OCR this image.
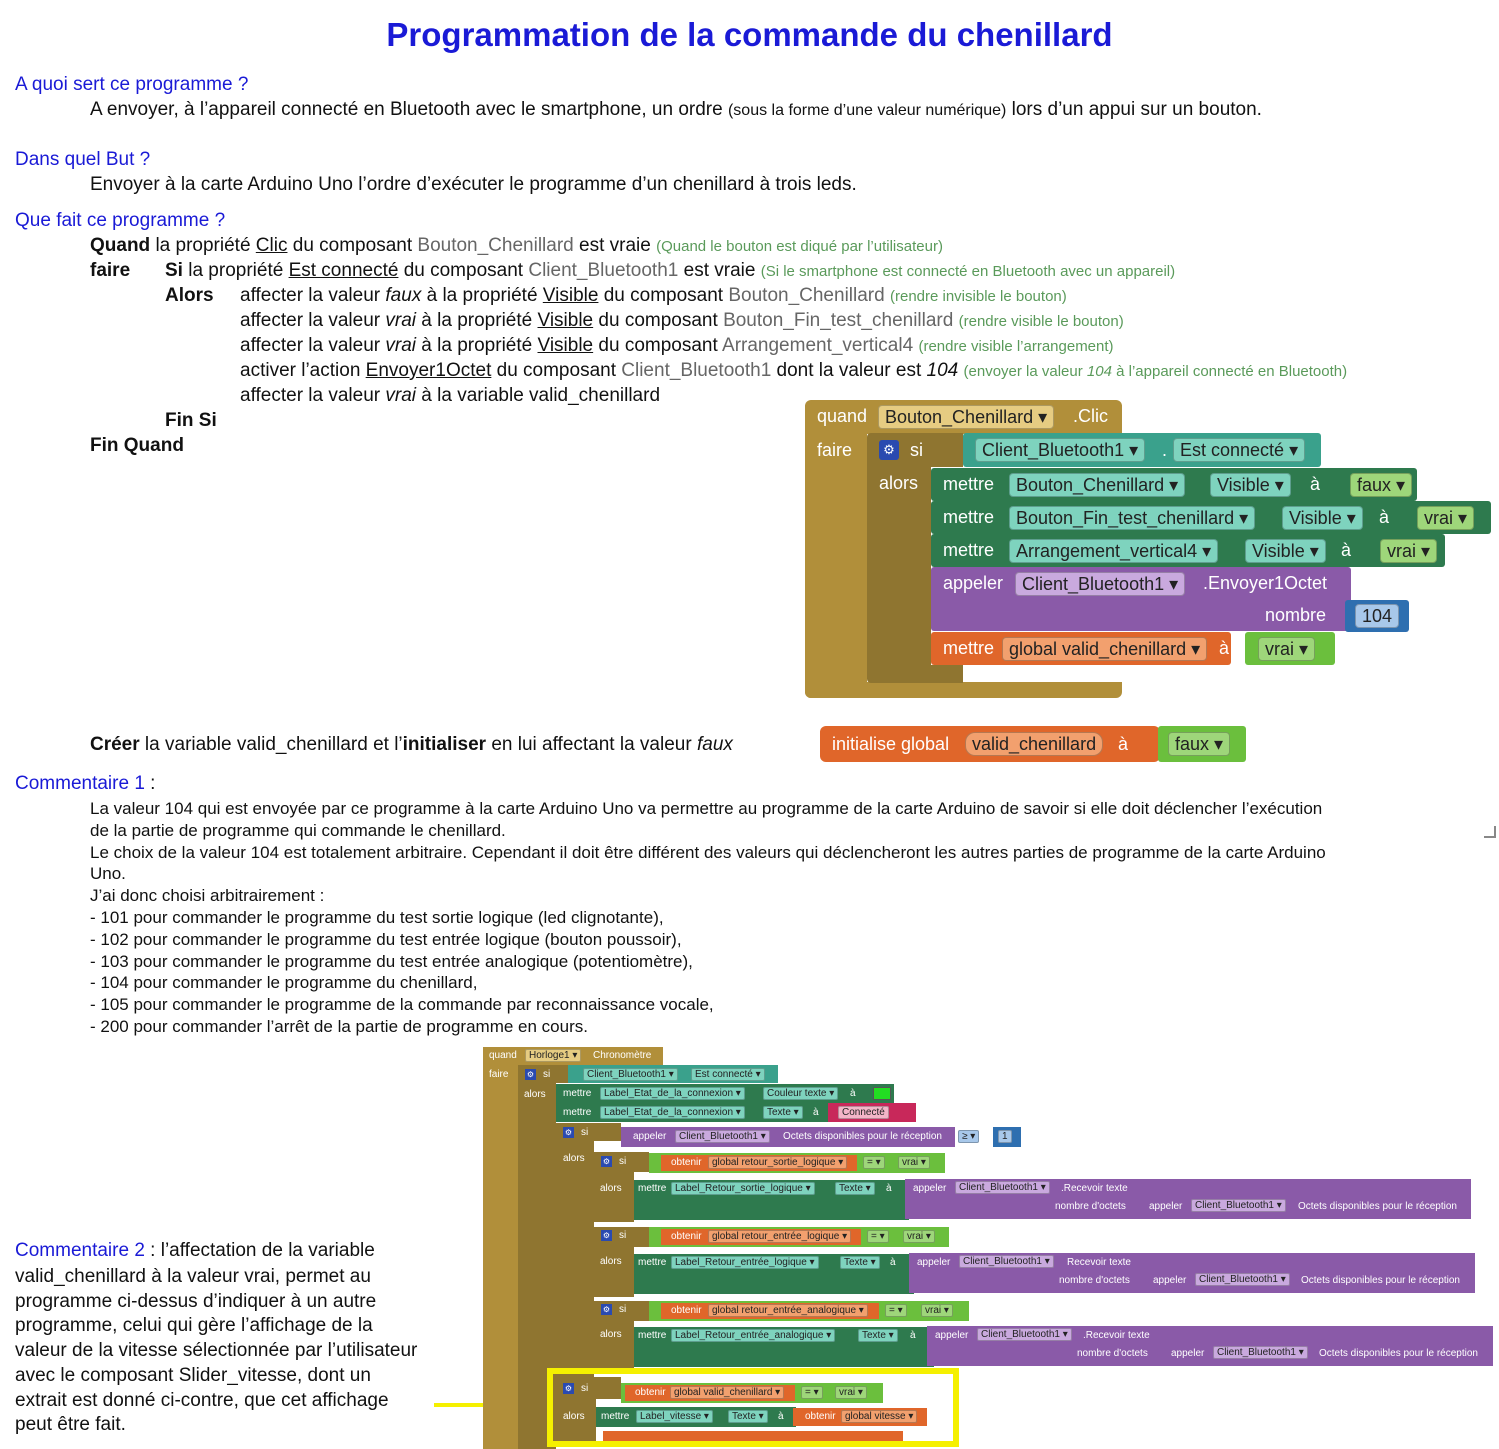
Programmation de la commande du chenillard
A quoi sert ce programme ?
A envoyer, à l’appareil connecté en Bluetooth avec le smartphone, un ordre (sous la forme d’une valeur numérique) lors d’un appui sur un bouton.
Dans quel But ?
Envoyer à la carte Arduino Uno l’ordre d’exécuter le programme d’un chenillard à trois leds.
Que fait ce programme ?
Quand la propriété Clic du composant Bouton_Chenillard est vraie (Quand le bouton est diqué par l’utilisateur)
faire Si la propriété Est connecté du composant Client_Bluetooth1 est vraie (Si le smartphone est connecté en Bluetooth avec un appareil)
Alors affecter la valeur faux à la propriété Visible du composant Bouton_Chenillard (rendre invisible le bouton)
affecter la valeur vrai à la propriété Visible du composant Bouton_Fin_test_chenillard (rendre visible le bouton)
affecter la valeur vrai à la propriété Visible du composant Arrangement_vertical4 (rendre visible l’arrangement)
activer l’action Envoyer1Octet du composant Client_Bluetooth1 dont la valeur est 104 (envoyer la valeur 104 à l’appareil connecté en Bluetooth)
affecter la valeur vrai à la variable valid_chenillard
Fin Si
Fin Quand
quand Bouton_Chenillard ▾	.Clic
faire	⚙ si
alors
Client_Bluetooth1 ▾	. Est connecté ▾
mettre Bouton_Chenillard ▾	Visible ▾	à faux ▾
mettre Bouton_Fin_test_chenillard ▾	Visible ▾	à vrai ▾
mettre Arrangement_vertical4 ▾	Visible ▾	à vrai ▾
appeler Client_Bluetooth1 ▾	.Envoyer1Octet
nombre	104
mettre global valid_chenillard ▾	à vrai ▾
Créer la variable valid_chenillard et l’initialiser en lui affectant la valeur faux	initialise global	valid_chenillard	à	faux ▾
Commentaire 1 :
La valeur 104 qui est envoyée par ce programme à la carte Arduino Uno va permettre au programme de la carte Arduino de savoir si elle doit déclencher l’exécution
de la partie de programme qui commande le chenillard.
Le choix de la valeur 104 est totalement arbitraire. Cependant il doit être différent des valeurs qui déclencheront les autres parties de programme de la carte Arduino
Uno.
J’ai donc choisi arbitrairement :
- 101 pour commander le programme du test sortie logique (led clignotante),
- 102 pour commander le programme du test entrée logique (bouton poussoir),
- 103 pour commander le programme du test entrée analogique (potentiomètre),
- 104 pour commander le programme du chenillard,
- 105 pour commander le programme de la commande par reconnaissance vocale,
- 200 pour commander l’arrêt de la partie de programme en cours.
Commentaire 2 : l’affectation de la variable
valid_chenillard à la valeur vrai, permet au
programme ci-dessus d’indiquer à un autre
programme, celui qui gère l’affichage de la
valeur de la vitesse sélectionnée par l’utilisateur
avec le composant Slider_vitesse, dont un
extrait est donné ci-contre, que cet affichage
peut être fait.
quand Horloge1 ▾	Chronomètre
faire ⚙ si
alors
Client_Bluetooth1 ▾	Est connecté ▾
mettre Label_Etat_de_la_connexion ▾	Couleur texte ▾	à
mettre Label_Etat_de_la_connexion ▾	Texte ▾	à Connecté
⚙ si
alors
appeler Client_Bluetooth1 ▾	Octets disponibles pour le réception ≥ ▾	1
⚙ si
alors
obtenir global retour_sortie_logique ▾	= ▾	vrai ▾
mettre Label_Retour_sortie_logique ▾	Texte ▾	à appeler Client_Bluetooth1 ▾	.Recevoir texte
nombre d'octets appeler Client_Bluetooth1 ▾	Octets disponibles pour le réception
⚙ si
alors
obtenir global retour_entrée_logique ▾	= ▾	vrai ▾
mettre Label_Retour_entrée_logique ▾	Texte ▾	à appeler Client_Bluetooth1 ▾	Recevoir texte
nombre d'octets appeler Client_Bluetooth1 ▾	Octets disponibles pour le réception
⚙ si
alors
obtenir global retour_entrée_analogique ▾	= ▾	vrai ▾
mettre Label_Retour_entrée_analogique ▾	Texte ▾	à appeler Client_Bluetooth1 ▾	.Recevoir texte
nombre d'octets appeler Client_Bluetooth1 ▾	Octets disponibles pour le réception
⚙ si
alors
obtenir global valid_chenillard ▾	= ▾	vrai ▾
mettre Label_vitesse ▾	Texte ▾	à obtenir global vitesse ▾
